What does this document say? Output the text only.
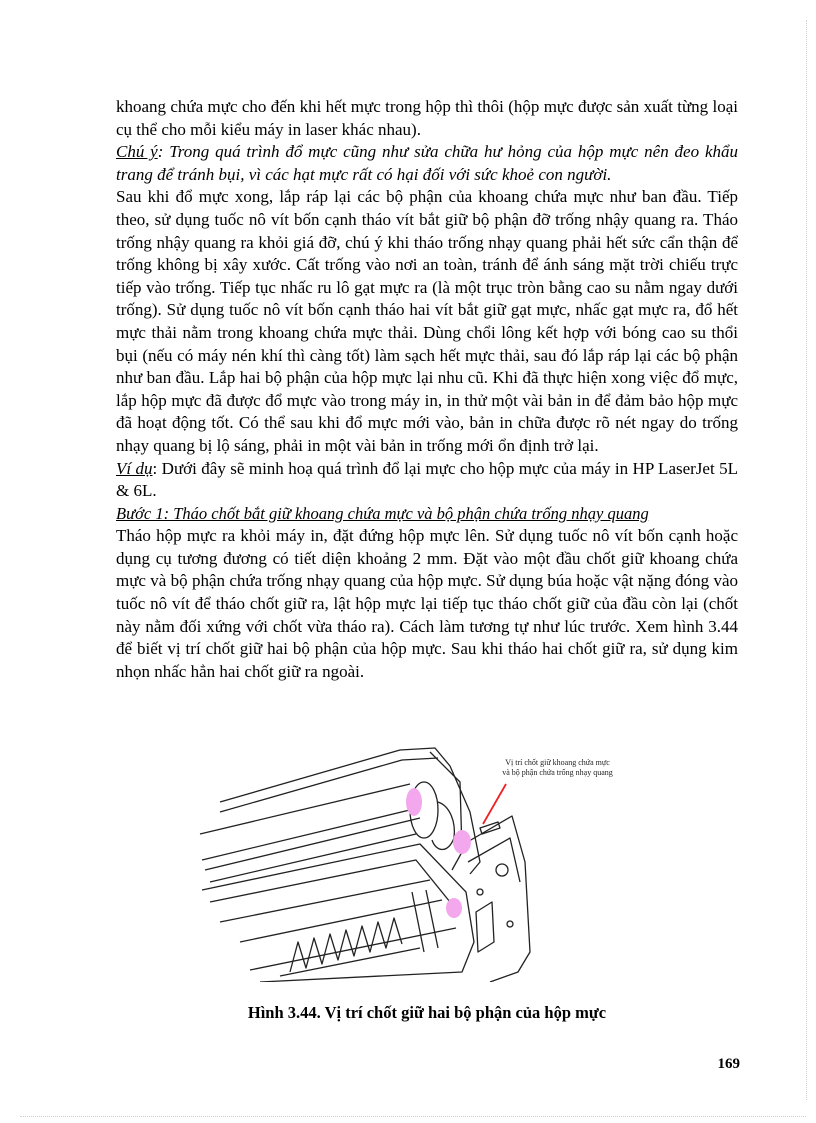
khoang chứa mực cho đến khi hết mực trong hộp thì thôi (hộp mực được sản xuất từng loại cụ thể cho mỗi kiểu máy in laser khác nhau).

Chú ý: Trong quá trình đổ mực cũng như sửa chữa hư hỏng của hộp mực nên đeo khẩu trang để tránh bụi, vì các hạt mực rất có hại đối với sức khoẻ con người.

Sau khi đổ mực xong, lắp ráp lại các bộ phận của khoang chứa mực như ban đầu. Tiếp theo, sử dụng tuốc nô vít bốn cạnh tháo vít bắt giữ bộ phận đỡ trống nhậy quang ra. Tháo trống nhậy quang ra khỏi giá đỡ, chú ý khi tháo trống nhạy quang phải hết sức cẩn thận để trống không bị xây xước. Cất trống vào nơi an toàn, tránh để ánh sáng mặt trời chiếu trực tiếp vào trống. Tiếp tục nhấc ru lô gạt mực ra (là một trục tròn bằng cao su nằm ngay dưới trống). Sử dụng tuốc nô vít bốn cạnh tháo hai vít bắt giữ gạt mực, nhấc gạt mực ra, đổ hết mực thải nằm trong khoang chứa mực thải. Dùng chổi lông kết hợp với bóng cao su thổi bụi (nếu có máy nén khí thì càng tốt) làm sạch hết mực thải, sau đó lắp ráp lại các bộ phận như ban đầu. Lắp hai bộ phận của hộp mực lại nhu cũ. Khi đã thực hiện xong việc đổ mực, lắp hộp mực đã được đổ mực vào trong máy in, in thử một vài bản in để đảm bảo hộp mực đã hoạt động tốt. Có thể sau khi đổ mực mới vào, bản in chữa được rõ nét ngay do trống nhạy quang bị lộ sáng, phải in một vài bản in trống mới ổn định trở lại.

Ví dụ: Dưới đây sẽ minh hoạ quá trình đổ lại mực cho hộp mực của máy in HP LaserJet 5L & 6L.

Bước 1: Tháo chốt bắt giữ khoang chứa mực và bộ phận chứa trống nhạy quang

Tháo hộp mực ra khỏi máy in, đặt đứng hộp mực lên. Sử dụng tuốc nô vít bốn cạnh hoặc dụng cụ tương đương có tiết diện khoảng 2 mm. Đặt vào một đầu chốt giữ khoang chứa mực và bộ phận chứa trống nhạy quang của hộp mực. Sử dụng búa hoặc vật nặng đóng vào tuốc nô vít để tháo chốt giữ ra, lật hộp mực lại tiếp tục tháo chốt giữ của đầu còn lại (chốt này nằm đối xứng với chốt vừa tháo ra). Cách làm tương tự như lúc trước. Xem hình 3.44 để biết vị trí chốt giữ hai bộ phận của hộp mực. Sau khi tháo hai chốt giữ ra, sử dụng kim nhọn nhấc hẳn hai chốt giữ ra ngoài.

Vị trí chốt giữ khoang chứa mực
và bộ phận chứa trống nhạy quang
Hình 3.44. Vị trí chốt giữ hai bộ phận của hộp mực
169
